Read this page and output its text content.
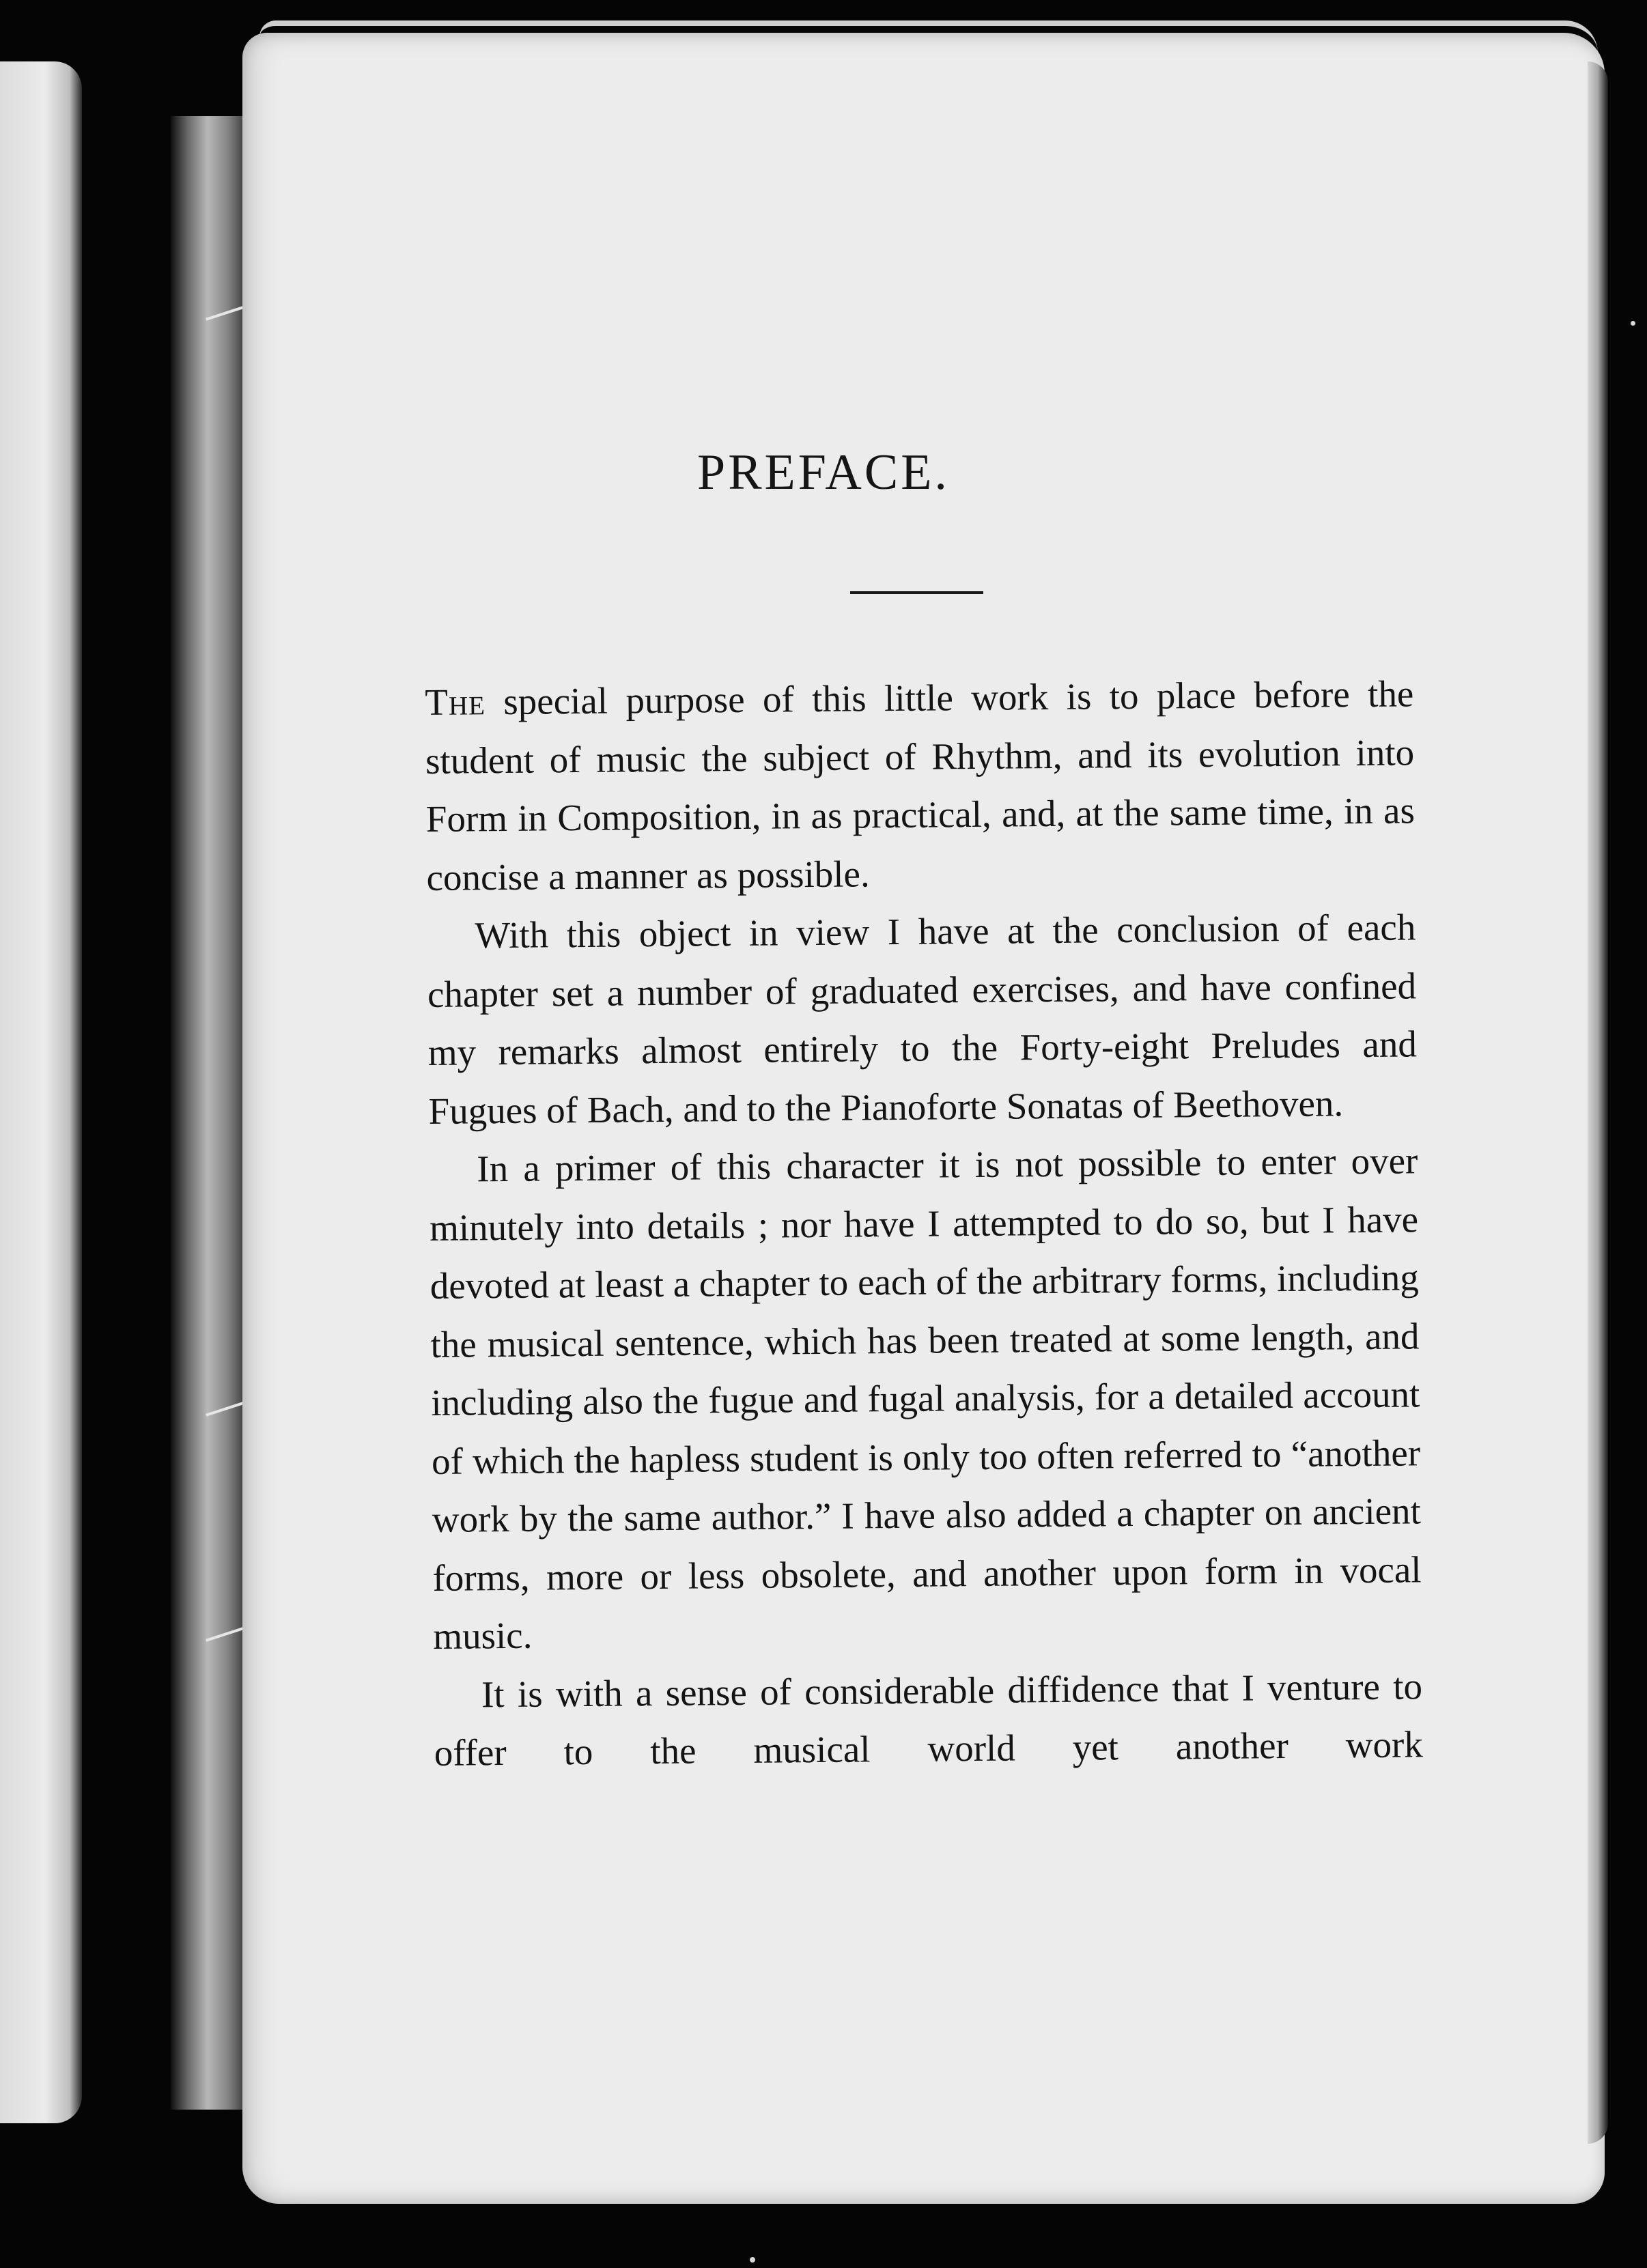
PREFACE.

The special purpose of this little work is to place before the student of music the subject of Rhythm, and its evolution into Form in Composition, in as practical, and, at the same time, in as concise a manner as possible.

With this object in view I have at the conclusion of each chapter set a number of graduated exercises, and have confined my remarks almost entirely to the Forty-eight Preludes and Fugues of Bach, and to the Pianoforte Sonatas of Beethoven.

In a primer of this character it is not possible to enter over minutely into details ; nor have I attempted to do so, but I have devoted at least a chapter to each of the arbitrary forms, including the musical sentence, which has been treated at some length, and including also the fugue and fugal analysis, for a detailed account of which the hapless student is only too often referred to “another work by the same author.” I have also added a chapter on ancient forms, more or less obsolete, and another upon form in vocal music.

It is with a sense of considerable diffidence that I venture to offer to the musical world yet another work
